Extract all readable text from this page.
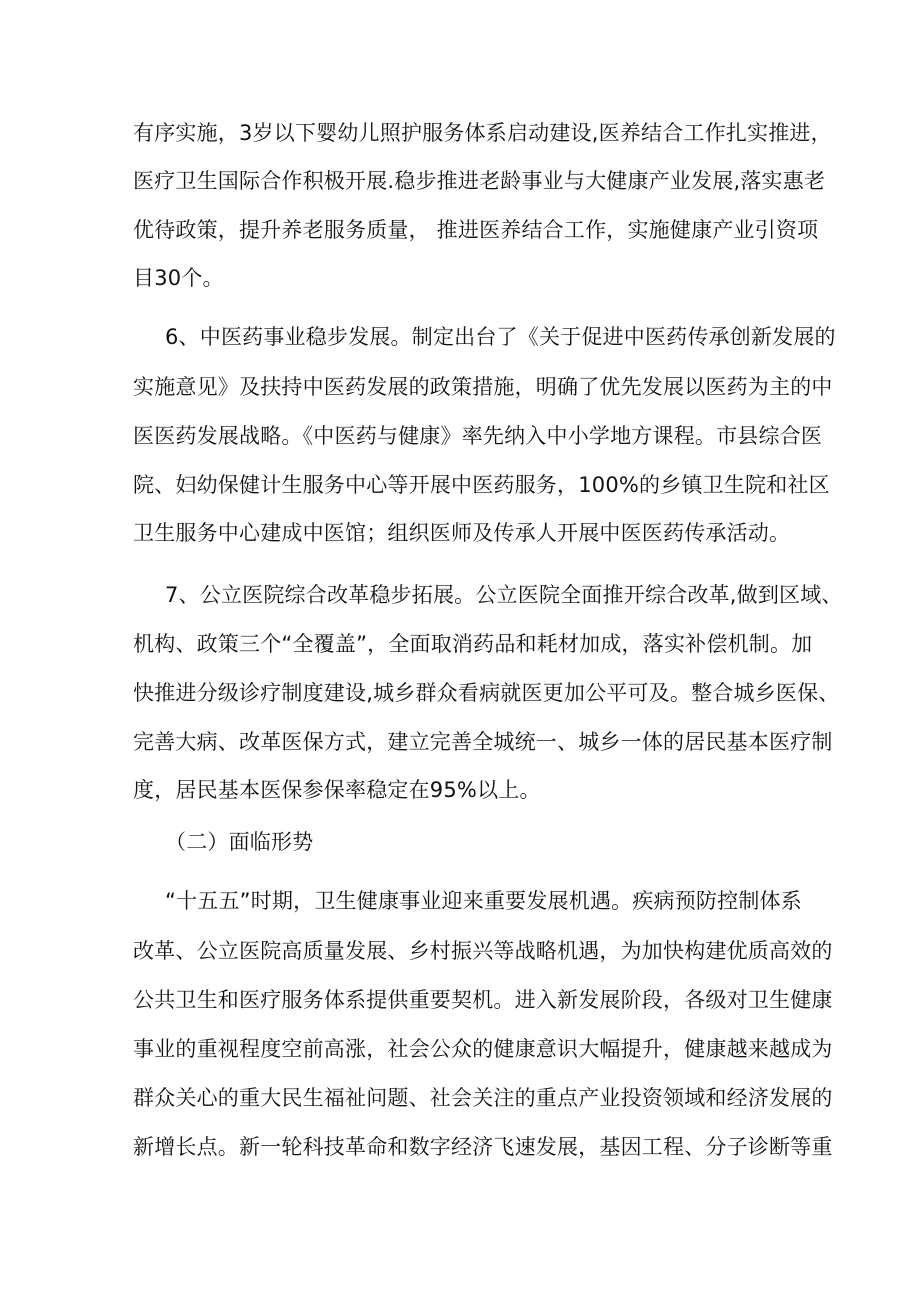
有序实施，3岁以下婴幼儿照护服务体系启动建设,医养结合工作扎实推进，
医疗卫生国际合作积极开展.稳步推进老龄事业与大健康产业发展,落实惠老
优待政策，提升养老服务质量， 推进医养结合工作，实施健康产业引资项
目30个。
6、中医药事业稳步发展。制定出台了《关于促进中医药传承创新发展的
实施意见》及扶持中医药发展的政策措施，明确了优先发展以医药为主的中
医医药发展战略。《中医药与健康》率先纳入中小学地方课程。市县综合医
院、妇幼保健计生服务中心等开展中医药服务，100%的乡镇卫生院和社区
卫生服务中心建成中医馆；组织医师及传承人开展中医医药传承活动。
7、公立医院综合改革稳步拓展。公立医院全面推开综合改革,做到区域、
机构、政策三个“全覆盖”，全面取消药品和耗材加成，落实补偿机制。加
快推进分级诊疗制度建设,城乡群众看病就医更加公平可及。整合城乡医保、
完善大病、改革医保方式，建立完善全城统一、城乡一体的居民基本医疗制
度，居民基本医保参保率稳定在95%以上。
（二）面临形势
“十五五”时期，卫生健康事业迎来重要发展机遇。疾病预防控制体系
改革、公立医院高质量发展、乡村振兴等战略机遇，为加快构建优质高效的
公共卫生和医疗服务体系提供重要契机。进入新发展阶段，各级对卫生健康
事业的重视程度空前高涨，社会公众的健康意识大幅提升，健康越来越成为
群众关心的重大民生福祉问题、社会关注的重点产业投资领域和经济发展的
新增长点。新一轮科技革命和数字经济飞速发展，基因工程、分子诊断等重
